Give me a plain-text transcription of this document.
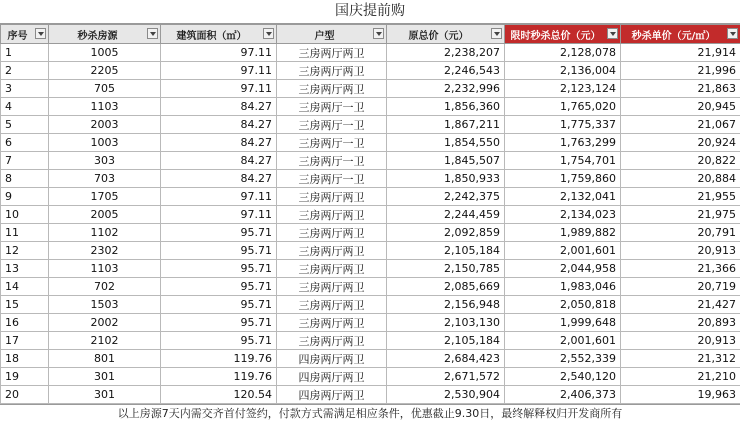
国庆提前购
序号	秒杀房源	建筑面积（㎡）	户型	原总价（元）	限时秒杀总价（元）	秒杀单价（元/㎡）

1	1005	97.11	三房两厅两卫	2,238,207	2,128,078	21,914
2	2205	97.11	三房两厅两卫	2,246,543	2,136,004	21,996
3	705	97.11	三房两厅两卫	2,232,996	2,123,124	21,863
4	1103	84.27	三房两厅一卫	1,856,360	1,765,020	20,945
5	2003	84.27	三房两厅一卫	1,867,211	1,775,337	21,067
6	1003	84.27	三房两厅一卫	1,854,550	1,763,299	20,924
7	303	84.27	三房两厅一卫	1,845,507	1,754,701	20,822
8	703	84.27	三房两厅一卫	1,850,933	1,759,860	20,884
9	1705	97.11	三房两厅两卫	2,242,375	2,132,041	21,955
10	2005	97.11	三房两厅两卫	2,244,459	2,134,023	21,975
11	1102	95.71	三房两厅两卫	2,092,859	1,989,882	20,791
12	2302	95.71	三房两厅两卫	2,105,184	2,001,601	20,913
13	1103	95.71	三房两厅两卫	2,150,785	2,044,958	21,366
14	702	95.71	三房两厅两卫	2,085,669	1,983,046	20,719
15	1503	95.71	三房两厅两卫	2,156,948	2,050,818	21,427
16	2002	95.71	三房两厅两卫	2,103,130	1,999,648	20,893
17	2102	95.71	三房两厅两卫	2,105,184	2,001,601	20,913
18	801	119.76	四房两厅两卫	2,684,423	2,552,339	21,312
19	301	119.76	四房两厅两卫	2,671,572	2,540,120	21,210
20	301	120.54	四房两厅两卫	2,530,904	2,406,373	19,963
以上房源7天内需交齐首付签约，付款方式需满足相应条件，优惠截止9.30日，最终解释权归开发商所有
